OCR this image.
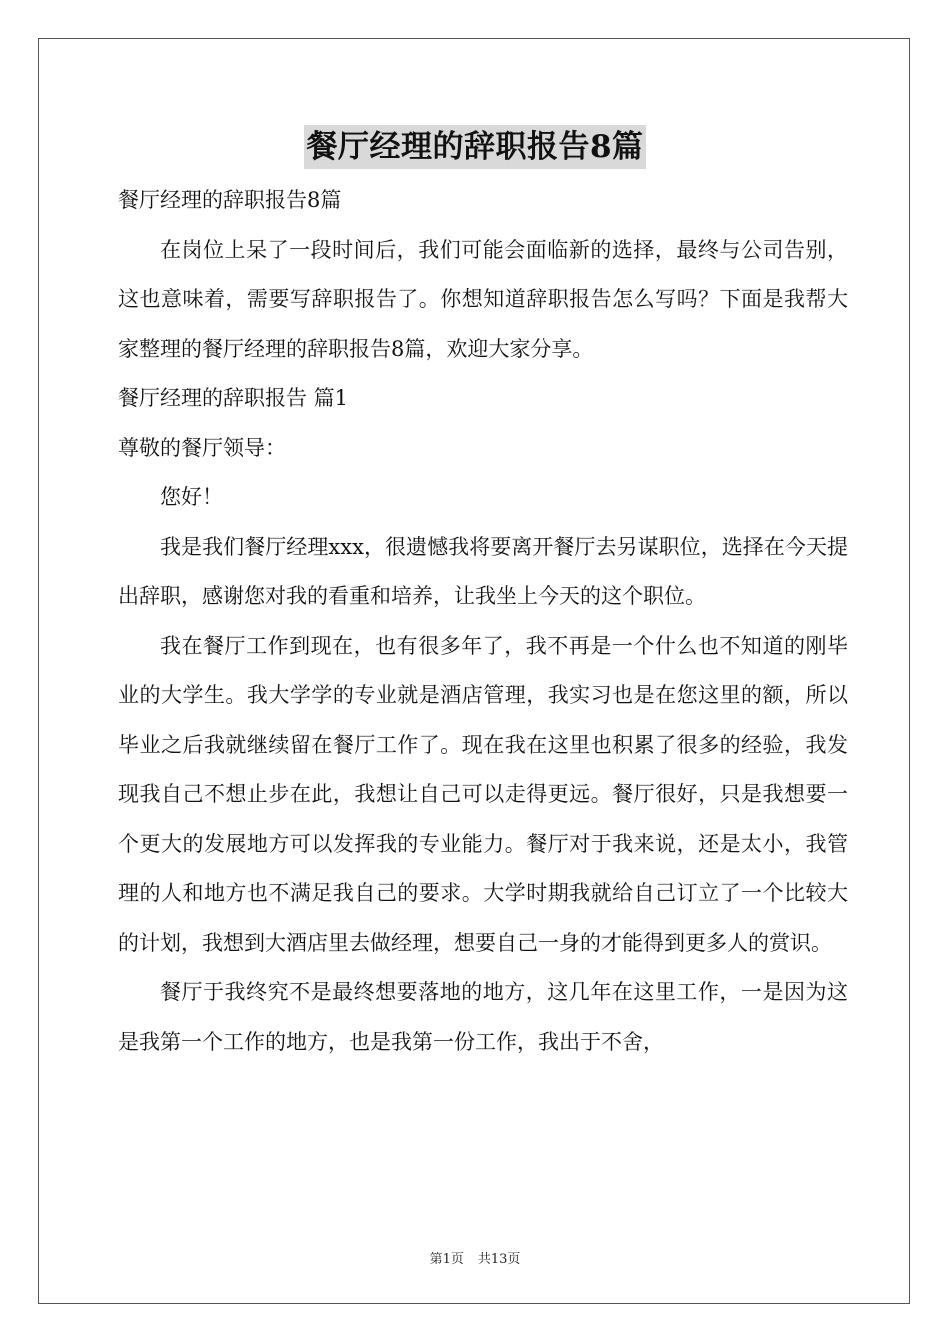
餐厅经理的辞职报告8篇

餐厅经理的辞职报告8篇

在岗位上呆了一段时间后，我们可能会面临新的选择，最终与公司告别，这也意味着，需要写辞职报告了。你想知道辞职报告怎么写吗？下面是我帮大家整理的餐厅经理的辞职报告8篇，欢迎大家分享。

餐厅经理的辞职报告 篇1

尊敬的餐厅领导：

您好！

我是我们餐厅经理xxx，很遗憾我将要离开餐厅去另谋职位，选择在今天提出辞职，感谢您对我的看重和培养，让我坐上今天的这个职位。

我在餐厅工作到现在，也有很多年了，我不再是一个什么也不知道的刚毕业的大学生。我大学学的专业就是酒店管理，我实习也是在您这里的额，所以毕业之后我就继续留在餐厅工作了。现在我在这里也积累了很多的经验，我发现我自己不想止步在此，我想让自己可以走得更远。餐厅很好，只是我想要一个更大的发展地方可以发挥我的专业能力。餐厅对于我来说，还是太小，我管理的人和地方也不满足我自己的要求。大学时期我就给自己订立了一个比较大的计划，我想到大酒店里去做经理，想要自己一身的才能得到更多人的赏识。

餐厅于我终究不是最终想要落地的地方，这几年在这里工作，一是因为这是我第一个工作的地方，也是我第一份工作，我出于不舍，

第1页 共13页
